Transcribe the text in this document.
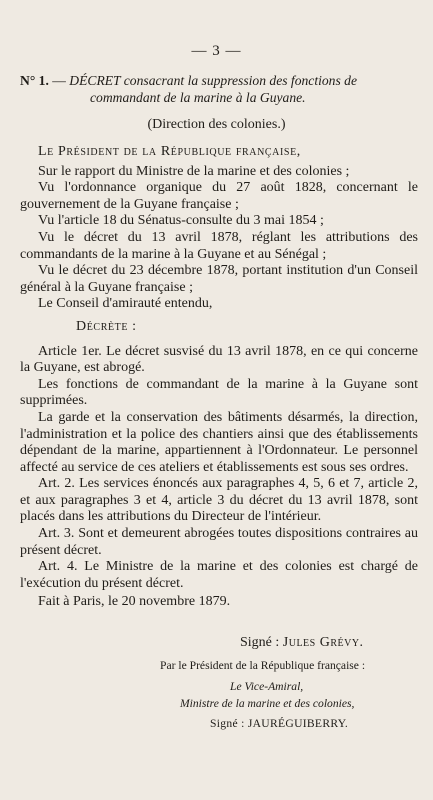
— 3 —
N° 1. — DÉCRET consacrant la suppression des fonctions de
commandant de la marine à la Guyane.
(Direction des colonies.)

Le Président de la République française,

Sur le rapport du Ministre de la marine et des colonies ;

Vu l'ordonnance organique du 27 août 1828, concernant le gouvernement de la Guyane française ;

Vu l'article 18 du Sénatus-consulte du 3 mai 1854 ;

Vu le décret du 13 avril 1878, réglant les attributions des commandants de la marine à la Guyane et au Sénégal ;

Vu le décret du 23 décembre 1878, portant institution d'un Conseil général à la Guyane française ;

Le Conseil d'amirauté entendu,

Décrète :

Article 1er. Le décret susvisé du 13 avril 1878, en ce qui concerne la Guyane, est abrogé.

Les fonctions de commandant de la marine à la Guyane sont supprimées.

La garde et la conservation des bâtiments désarmés, la direction, l'administration et la police des chantiers ainsi que des établissements dépendant de la marine, appartiennent à l'Ordonnateur. Le personnel affecté au service de ces ateliers et établissements est sous ses ordres.

Art. 2. Les services énoncés aux paragraphes 4, 5, 6 et 7, article 2, et aux paragraphes 3 et 4, article 3 du décret du 13 avril 1878, sont placés dans les attributions du Directeur de l'intérieur.

Art. 3. Sont et demeurent abrogées toutes dispositions contraires au présent décret.

Art. 4. Le Ministre de la marine et des colonies est chargé de l'exécution du présent décret.

Fait à Paris, le 20 novembre 1879.

Signé : Jules Grévy.
Par le Président de la République française :
Le Vice-Amiral,
Ministre de la marine et des colonies,
Signé : JAURÉGUIBERRY.
